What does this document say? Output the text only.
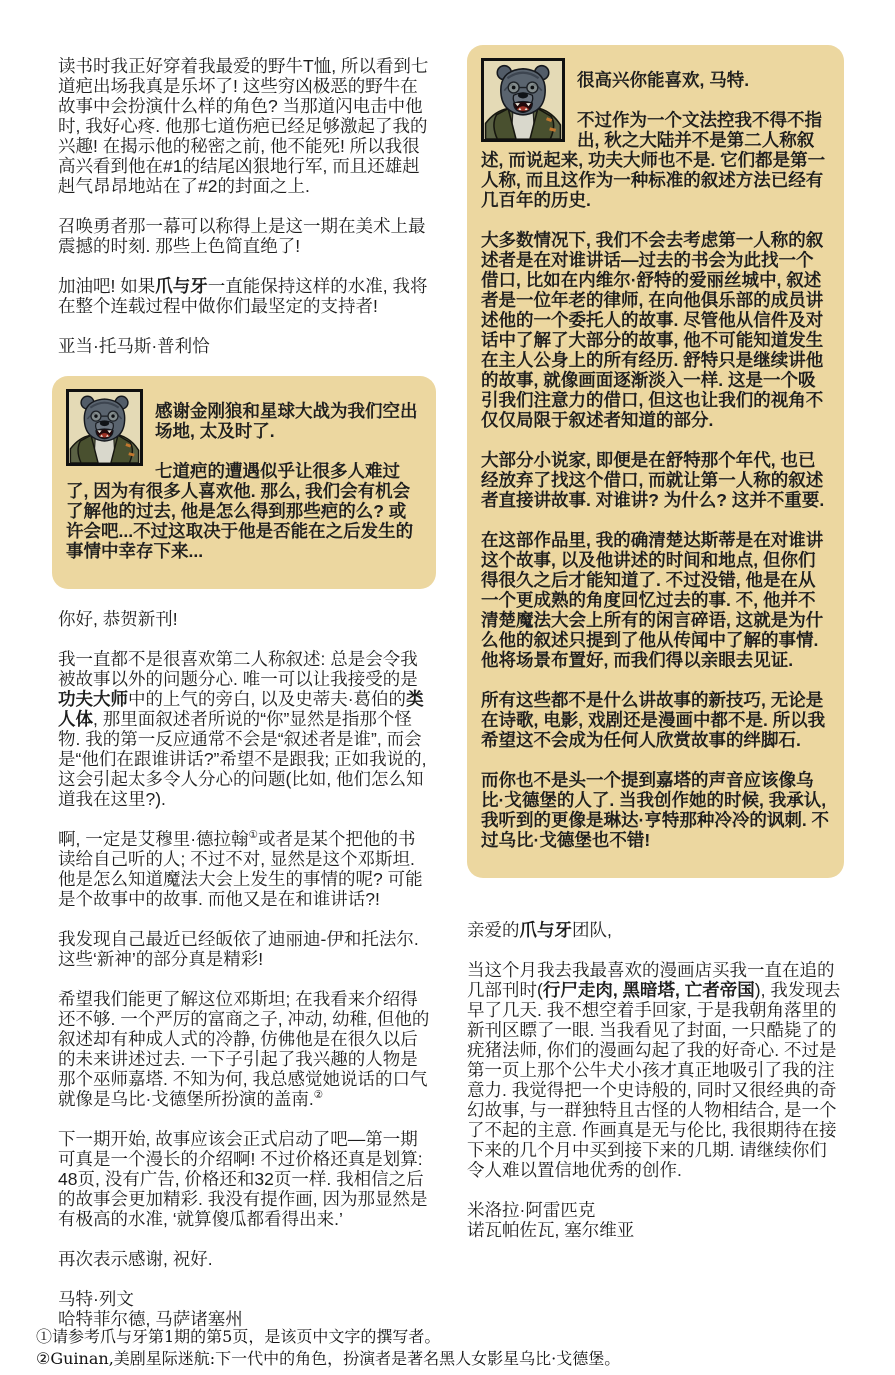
读书时我正好穿着我最爱的野牛T恤, 所以看到七道疤出场我真是乐坏了! 这些穷凶极恶的野牛在故事中会扮演什么样的角色? 当那道闪电击中他时, 我好心疼. 他那七道伤疤已经足够激起了我的兴趣! 在揭示他的秘密之前, 他不能死! 所以我很高兴看到他在#1的结尾凶狠地行军, 而且还雄赳赳气昂昂地站在了#2的封面之上.

召唤勇者那一幕可以称得上是这一期在美术上最震撼的时刻. 那些上色简直绝了!

加油吧! 如果爪与牙一直能保持这样的水准, 我将在整个连载过程中做你们最坚定的支持者!

亚当·托马斯·普利恰

感谢金刚狼和星球大战为我们空出场地, 太及时了.

七道疤的遭遇似乎让很多人难过了, 因为有很多人喜欢他. 那么, 我们会有机会了解他的过去, 他是怎么得到那些疤的么? 或许会吧...不过这取决于他是否能在之后发生的事情中幸存下来...

你好, 恭贺新刊!

我一直都不是很喜欢第二人称叙述: 总是会令我被故事以外的问题分心. 唯一可以让我接受的是功夫大师中的上气的旁白, 以及史蒂夫·葛伯的类人体, 那里面叙述者所说的“你”显然是指那个怪物. 我的第一反应通常不会是“叙述者是谁”, 而会是“他们在跟谁讲话?”希望不是跟我; 正如我说的, 这会引起太多令人分心的问题(比如, 他们怎么知道我在这里?).

啊, 一定是艾穆里·德拉翰①或者是某个把他的书读给自己听的人; 不过不对, 显然是这个邓斯坦. 他是怎么知道魔法大会上发生的事情的呢? 可能是个故事中的故事. 而他又是在和谁讲话?!

我发现自己最近已经皈依了迪丽迪-伊和托法尔. 这些‘新神’的部分真是精彩!

希望我们能更了解这位邓斯坦; 在我看来介绍得还不够. 一个严厉的富商之子, 冲动, 幼稚, 但他的叙述却有种成人式的冷静, 仿佛他是在很久以后的未来讲述过去. 一下子引起了我兴趣的人物是那个巫师嘉塔. 不知为何, 我总感觉她说话的口气就像是乌比·戈德堡所扮演的盖南.②

下一期开始, 故事应该会正式启动了吧—第一期可真是一个漫长的介绍啊! 不过价格还真是划算: 48页, 没有广告, 价格还和32页一样. 我相信之后的故事会更加精彩. 我没有提作画, 因为那显然是有极高的水准, ‘就算傻瓜都看得出来.’

再次表示感谢, 祝好.

马特·列文
哈特菲尔德, 马萨诸塞州

很高兴你能喜欢, 马特.

不过作为一个文法控我不得不指出, 秋之大陆并不是第二人称叙述, 而说起来, 功夫大师也不是. 它们都是第一人称, 而且这作为一种标准的叙述方法已经有几百年的历史.

大多数情况下, 我们不会去考虑第一人称的叙述者是在对谁讲话—过去的书会为此找一个借口, 比如在内维尔·舒特的爱丽丝城中, 叙述者是一位年老的律师, 在向他俱乐部的成员讲述他的一个委托人的故事. 尽管他从信件及对话中了解了大部分的故事, 他不可能知道发生在主人公身上的所有经历. 舒特只是继续讲他的故事, 就像画面逐渐淡入一样. 这是一个吸引我们注意力的借口, 但这也让我们的视角不仅仅局限于叙述者知道的部分.

大部分小说家, 即便是在舒特那个年代, 也已经放弃了找这个借口, 而就让第一人称的叙述者直接讲故事. 对谁讲? 为什么? 这并不重要.

在这部作品里, 我的确清楚达斯蒂是在对谁讲这个故事, 以及他讲述的时间和地点, 但你们得很久之后才能知道了. 不过没错, 他是在从一个更成熟的角度回忆过去的事. 不, 他并不清楚魔法大会上所有的闲言碎语, 这就是为什么他的叙述只提到了他从传闻中了解的事情. 他将场景布置好, 而我们得以亲眼去见证.

所有这些都不是什么讲故事的新技巧, 无论是在诗歌, 电影, 戏剧还是漫画中都不是. 所以我希望这不会成为任何人欣赏故事的绊脚石.

而你也不是头一个提到嘉塔的声音应该像乌比·戈德堡的人了. 当我创作她的时候, 我承认, 我听到的更像是琳达·亨特那种冷冷的讽刺. 不过乌比·戈德堡也不错!

亲爱的爪与牙团队,

当这个月我去我最喜欢的漫画店买我一直在追的几部刊时(行尸走肉, 黑暗塔, 亡者帝国), 我发现去早了几天. 我不想空着手回家, 于是我朝角落里的新刊区瞟了一眼. 当我看见了封面, 一只酷毙了的疣猪法师, 你们的漫画勾起了我的好奇心. 不过是第一页上那个公牛犬小孩才真正地吸引了我的注意力. 我觉得把一个史诗般的, 同时又很经典的奇幻故事, 与一群独特且古怪的人物相结合, 是一个了不起的主意. 作画真是无与伦比, 我很期待在接下来的几个月中买到接下来的几期. 请继续你们令人难以置信地优秀的创作.

米洛拉·阿雷匹克
诺瓦帕佐瓦, 塞尔维亚

①请参考爪与牙第1期的第5页，是该页中文字的撰写者。

②Guinan,美剧星际迷航:下一代中的角色，扮演者是著名黑人女影星乌比·戈德堡。
